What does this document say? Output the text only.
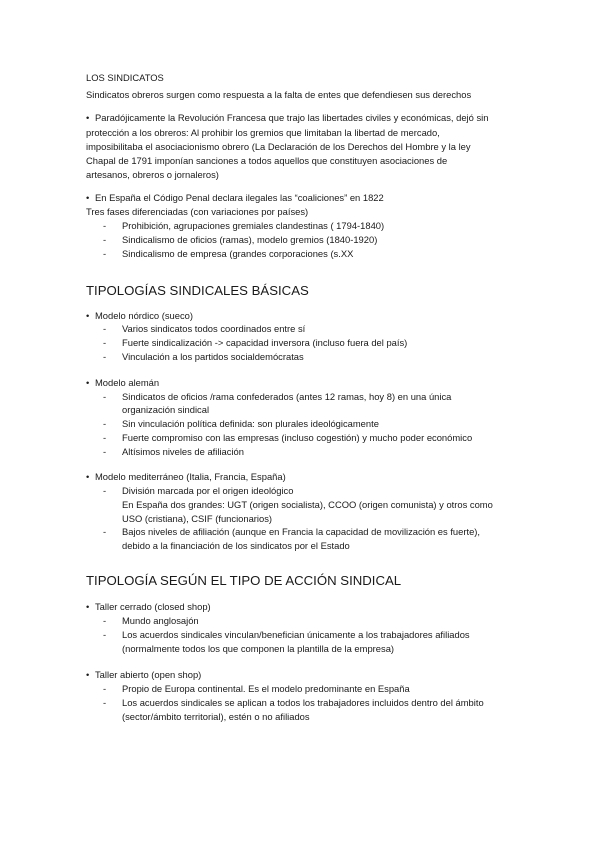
LOS SINDICATOS
Sindicatos obreros surgen como respuesta a la falta de entes que defendiesen sus derechos
• Paradójicamente la Revolución Francesa que trajo las libertades civiles y económicas, dejó sin
protección a los obreros: Al prohibir los gremios que limitaban la libertad de mercado,
imposibilitaba el asociacionismo obrero (La Declaración de los Derechos del Hombre y la ley
Chapal de 1791 imponían sanciones a todos aquellos que constituyen asociaciones de
artesanos, obreros o jornaleros)
• En España el Código Penal declara ilegales las “coaliciones” en 1822
Tres fases diferenciadas (con variaciones por países)
- Prohibición, agrupaciones gremiales clandestinas ( 1794-1840)
- Sindicalismo de oficios (ramas), modelo gremios (1840-1920)
- Sindicalismo de empresa (grandes corporaciones (s.XX
TIPOLOGÍAS SINDICALES BÁSICAS
• Modelo nórdico (sueco)
- Varios sindicatos todos coordinados entre sí
- Fuerte sindicalización -> capacidad inversora (incluso fuera del país)
- Vinculación a los partidos socialdemócratas
• Modelo alemán
- Sindicatos de oficios /rama confederados (antes 12 ramas, hoy 8) en una única
organización sindical
- Sin vinculación política definida: son plurales ideológicamente
- Fuerte compromiso con las empresas (incluso cogestión) y mucho poder económico
- Altísimos niveles de afiliación
• Modelo mediterráneo (Italia, Francia, España)
- División marcada por el origen ideológico
En España dos grandes: UGT (origen socialista), CCOO (origen comunista) y otros como
USO (cristiana), CSIF (funcionarios)
- Bajos niveles de afiliación (aunque en Francia la capacidad de movilización es fuerte),
debido a la financiación de los sindicatos por el Estado
TIPOLOGÍA SEGÚN EL TIPO DE ACCIÓN SINDICAL
• Taller cerrado (closed shop)
- Mundo anglosajón
- Los acuerdos sindicales vinculan/benefician únicamente a los trabajadores afiliados
(normalmente todos los que componen la plantilla de la empresa)
• Taller abierto (open shop)
- Propio de Europa continental. Es el modelo predominante en España
- Los acuerdos sindicales se aplican a todos los trabajadores incluidos dentro del ámbito
(sector/ámbito territorial), estén o no afiliados
